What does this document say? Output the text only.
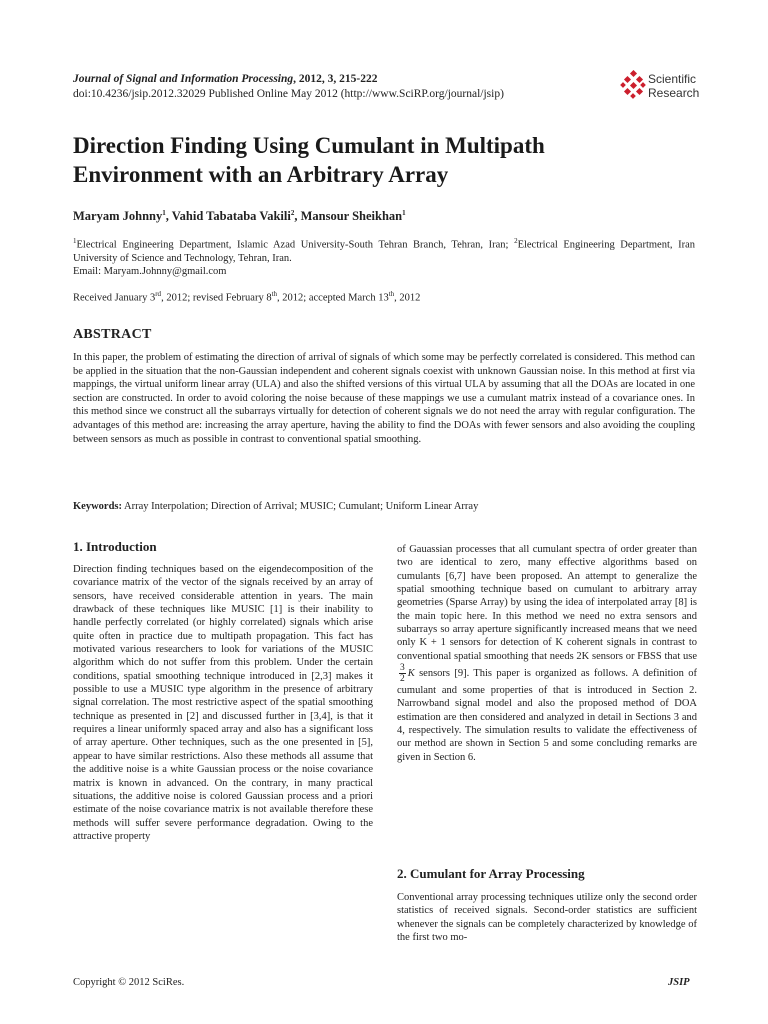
Journal of Signal and Information Processing, 2012, 3, 215-222
doi:10.4236/jsip.2012.32029 Published Online May 2012 (http://www.SciRP.org/journal/jsip)
Scientific
Research
Direction Finding Using Cumulant in Multipath
Environment with an Arbitrary Array
Maryam Johnny$^1$, Vahid Tabataba Vakili$^2$, Mansour Sheikhan$^1$
$^1$Electrical Engineering Department, Islamic Azad University-South Tehran Branch, Tehran, Iran; $^2$Electrical Engineering Department, Iran University of Science and Technology, Tehran, Iran.
Email: Maryam.Johnny@gmail.com
Received January 3rd, 2012; revised February 8th, 2012; accepted March 13th, 2012
ABSTRACT
In this paper, the problem of estimating the direction of arrival of signals of which some may be perfectly correlated is considered. This method can be applied in the situation that the non-Gaussian independent and coherent signals coexist with unknown Gaussian noise. In this method at first via mappings, the virtual uniform linear array (ULA) and also the shifted versions of this virtual ULA by assuming that all the DOAs are located in one section are constructed. In order to avoid coloring the noise because of these mappings we use a cumulant matrix instead of a covariance ones. In this method since we construct all the subarrays virtually for detection of coherent signals we do not need the array with regular configuration. The advantages of this method are: increasing the array aperture, having the ability to find the DOAs with fewer sensors and also avoiding the coupling between sensors as much as possible in contrast to conventional spatial smoothing.
Keywords: Array Interpolation; Direction of Arrival; MUSIC; Cumulant; Uniform Linear Array
1. Introduction

Direction finding techniques based on the eigendecomposition of the covariance matrix of the vector of the signals received by an array of sensors, have received considerable attention in years. The main drawback of these techniques like MUSIC [1] is their inability to handle perfectly correlated (or highly correlated) signals which arise quite often in practice due to multipath propagation. This fact has motivated various researchers to look for variations of the MUSIC algorithm which do not suffer from this problem. Under the certain conditions, spatial smoothing technique introduced in [2,3] makes it possible to use a MUSIC type algorithm in the presence of arbitrary signal correlation. The most restrictive aspect of the spatial smoothing technique as presented in [2] and discussed further in [3,4], is that it requires a linear uniformly spaced array and also has a significant loss of array aperture. Other techniques, such as the one presented in [5], appear to have similar restrictions. Also these methods all assume that the additive noise is a white Gaussian process or the noise covariance matrix is known in advanced. On the contrary, in many practical situations, the additive noise is colored Gaussian process and a priori estimate of the noise covariance matrix is not available therefore these methods will suffer severe performance degradation. Owing to the attractive property

of Gauassian processes that all cumulant spectra of order greater than two are identical to zero, many effective algorithms based on cumulants [6,7] have been proposed. An attempt to generalize the spatial smoothing technique based on cumulant to arbitrary array geometries (Sparse Array) by using the idea of interpolated array [8] is the main topic here. In this method we need no extra sensors and subarrays so array aperture significantly increased means that we need only K + 1 sensors for detection of K coherent signals in contrast to conventional spatial smoothing that needs 2K sensors or FBSS that use
$\frac{3}{2}$ K sensors [9]. This paper is organized as follows. A definition of cumulant and some properties of that is introduced in Section 2. Narrowband signal model and also the proposed method of DOA estimation are then considered and analyzed in detail in Sections 3 and 4, respectively. The simulation results to validate the effectiveness of our method are shown in Section 5 and some concluding remarks are given in Section 6.

2. Cumulant for Array Processing

Conventional array processing techniques utilize only the second order statistics of received signals. Second-order statistics are sufficient whenever the signals can be completely characterized by knowledge of the first two mo-

Copyright © 2012 SciRes.	JSIP
